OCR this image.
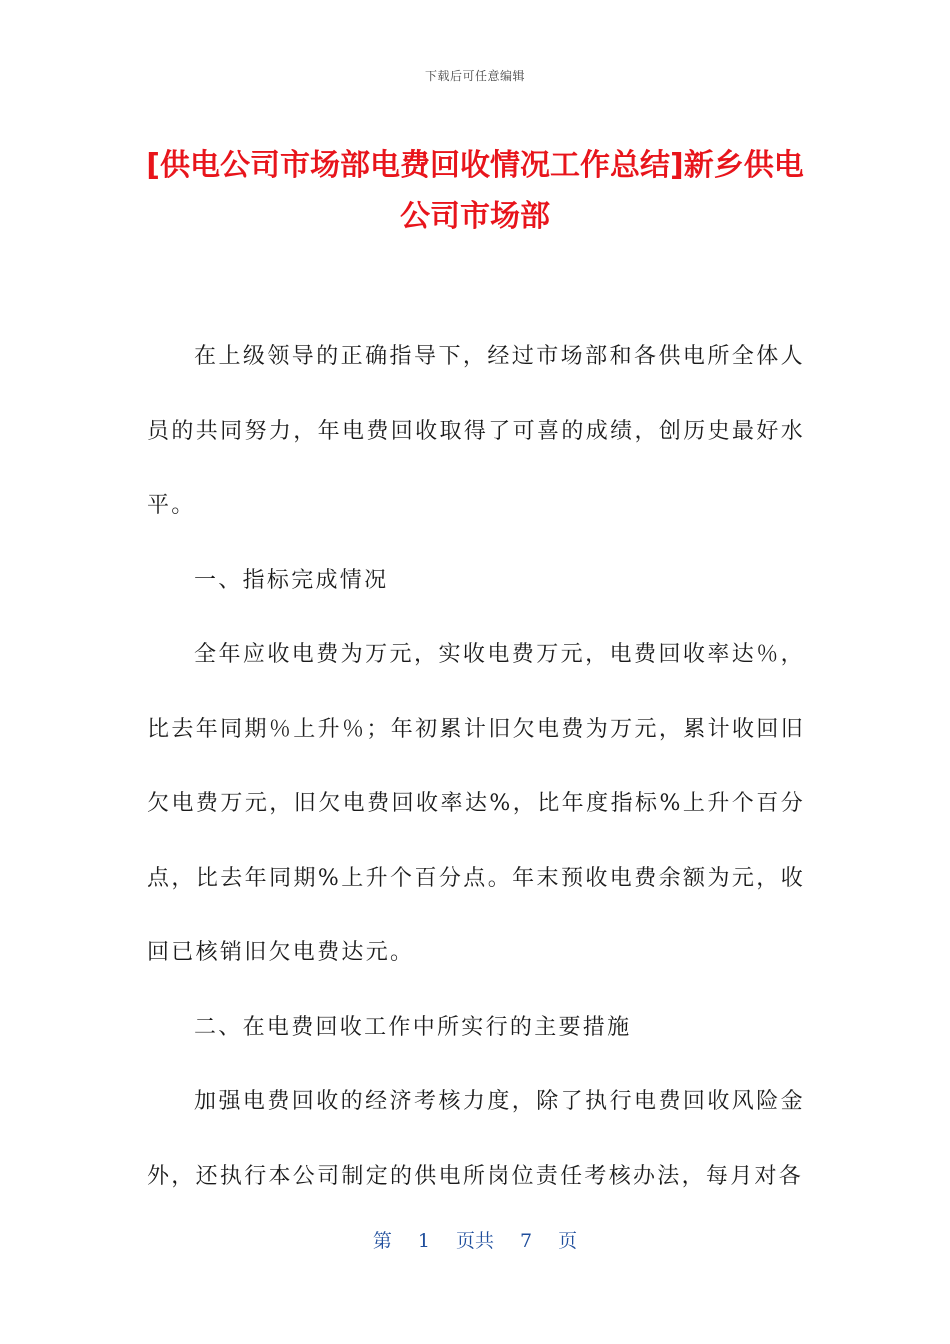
下载后可任意编辑
[供电公司市场部电费回收情况工作总结]新乡供电公司市场部

在上级领导的正确指导下，经过市场部和各供电所全体人员的共同努力，年电费回收取得了可喜的成绩，创历史最好水平。

一、指标完成情况

全年应收电费为万元，实收电费万元，电费回收率达％，比去年同期％上升％；年初累计旧欠电费为万元，累计收回旧欠电费万元，旧欠电费回收率达%，比年度指标%上升个百分点，比去年同期%上升个百分点。年末预收电费余额为元，收回已核销旧欠电费达元。

二、在电费回收工作中所实行的主要措施

加强电费回收的经济考核力度，除了执行电费回收风险金外，还执行本公司制定的供电所岗位责任考核办法，每月对各

第 1 页共 7 页
